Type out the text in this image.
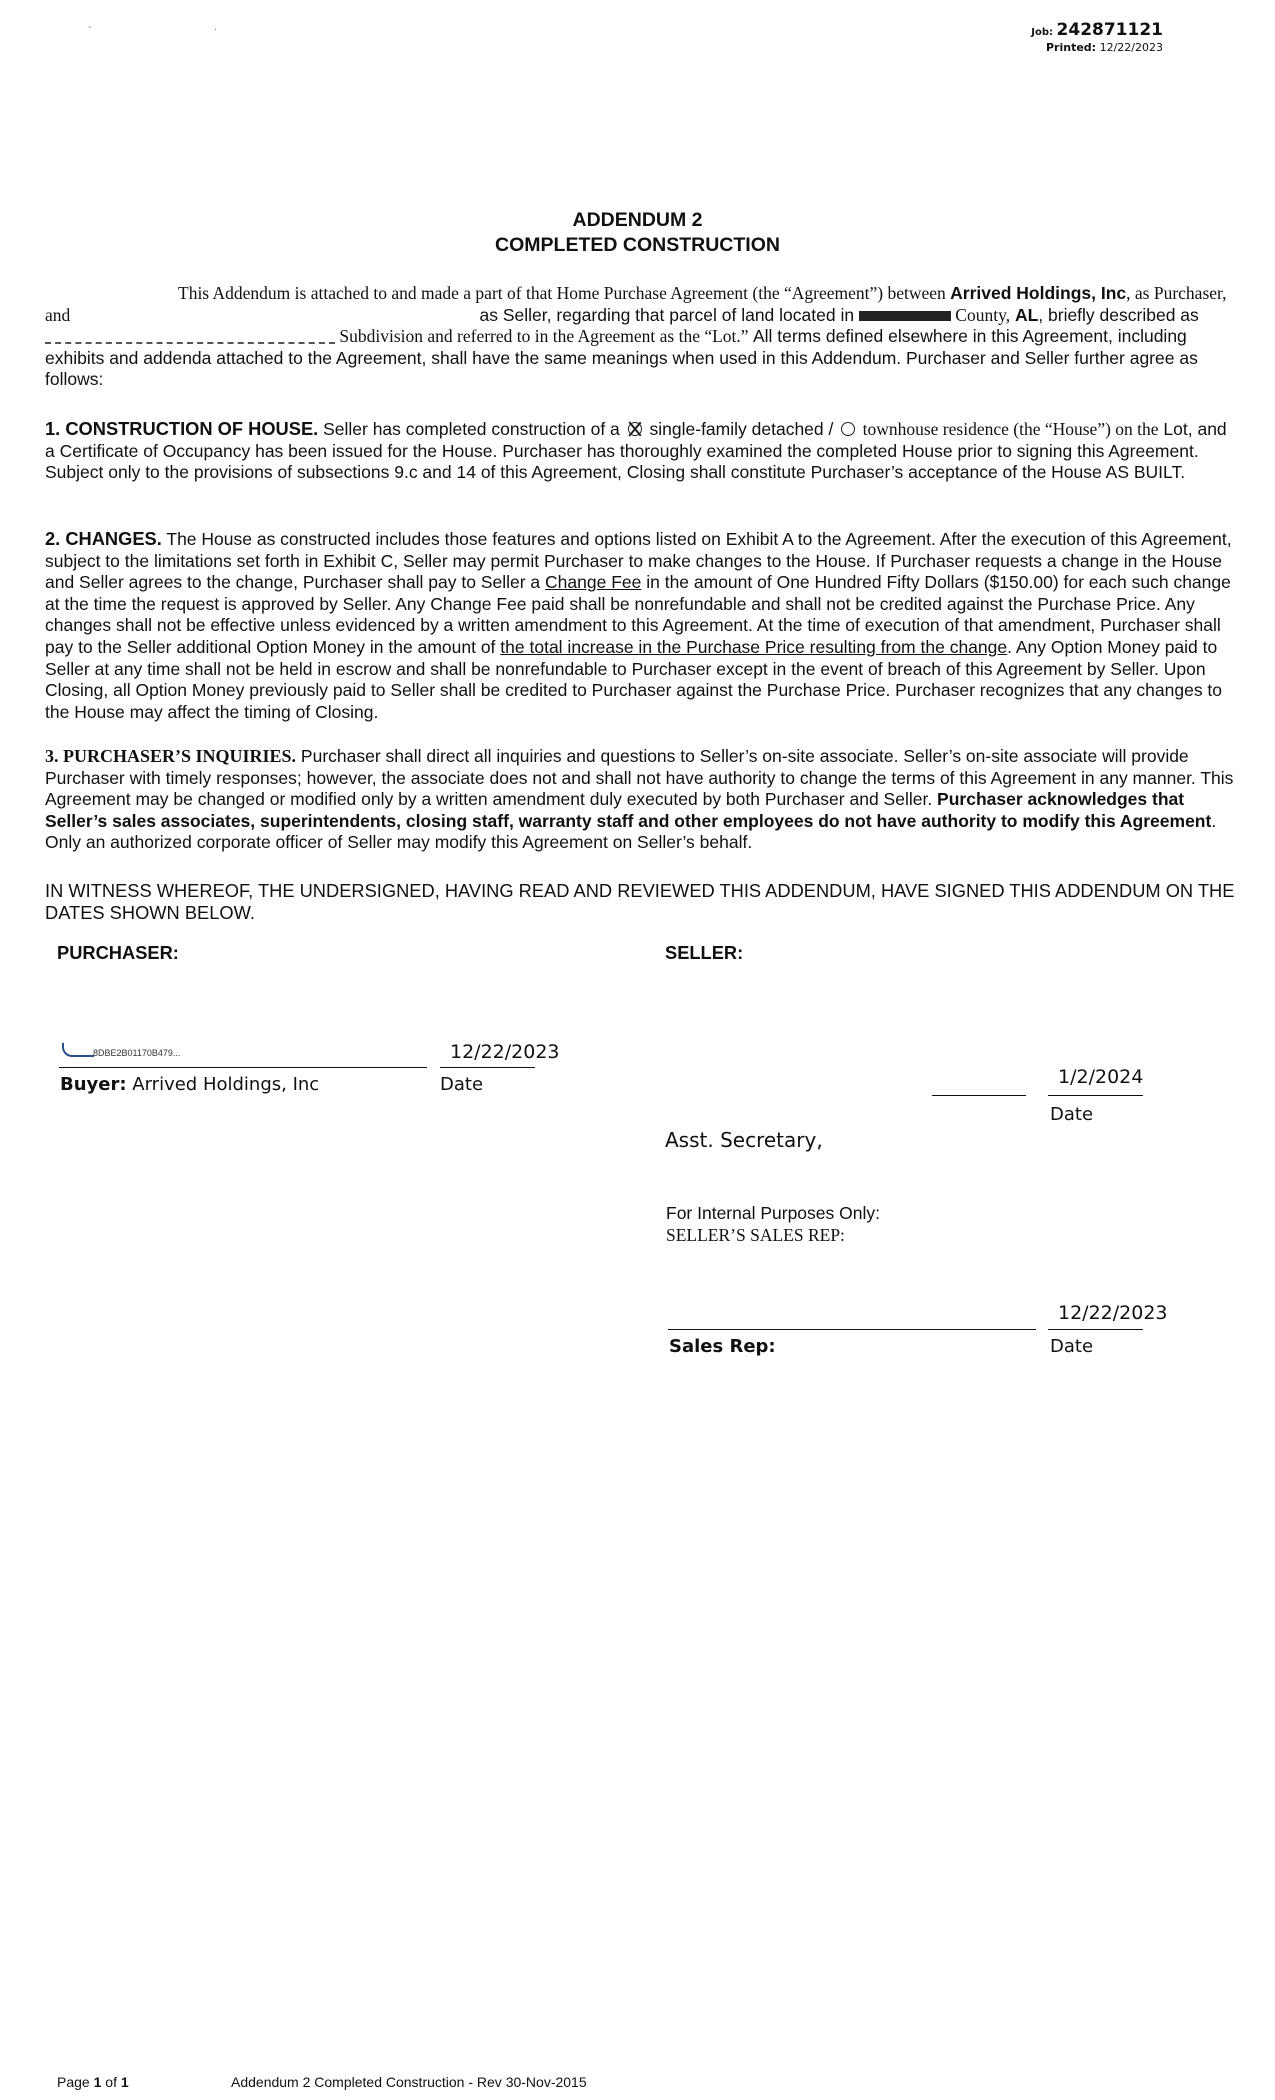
- .	Job: 242871121
Printed: 12/22/2023
ADDENDUM 2
COMPLETED CONSTRUCTION
This Addendum is attached to and made a part of that Home Purchase Agreement (the “Agreement”) between Arrived Holdings, Inc, as Purchaser, and	as Seller, regarding that parcel of land located in	County, AL, briefly described as  Subdivision and referred to in the Agreement as the “Lot.” All terms defined elsewhere in this Agreement, including exhibits and addenda attached to the Agreement, shall have the same meanings when used in this Addendum. Purchaser and Seller further agree as follows:
1. CONSTRUCTION OF HOUSE. Seller has completed construction of a  single-family detached /  townhouse residence (the “House”) on the Lot, and a Certificate of Occupancy has been issued for the House. Purchaser has thoroughly examined the completed House prior to signing this Agreement. Subject only to the provisions of subsections 9.c and 14 of this Agreement, Closing shall constitute Purchaser’s acceptance of the House AS BUILT.
2. CHANGES. The House as constructed includes those features and options listed on Exhibit A to the Agreement. After the execution of this Agreement, subject to the limitations set forth in Exhibit C, Seller may permit Purchaser to make changes to the House. If Purchaser requests a change in the House and Seller agrees to the change, Purchaser shall pay to Seller a Change Fee in the amount of One Hundred Fifty Dollars ($150.00) for each such change at the time the request is approved by Seller. Any Change Fee paid shall be nonrefundable and shall not be credited against the Purchase Price. Any changes shall not be effective unless evidenced by a written amendment to this Agreement. At the time of execution of that amendment, Purchaser shall pay to the Seller additional Option Money in the amount of the total increase in the Purchase Price resulting from the change. Any Option Money paid to Seller at any time shall not be held in escrow and shall be nonrefundable to Purchaser except in the event of breach of this Agreement by Seller. Upon Closing, all Option Money previously paid to Seller shall be credited to Purchaser against the Purchase Price. Purchaser recognizes that any changes to the House may affect the timing of Closing.
3. PURCHASER’S INQUIRIES. Purchaser shall direct all inquiries and questions to Seller’s on-site associate. Seller’s on-site associate will provide Purchaser with timely responses; however, the associate does not and shall not have authority to change the terms of this Agreement in any manner. This Agreement may be changed or modified only by a written amendment duly executed by both Purchaser and Seller. Purchaser acknowledges that Seller’s sales associates, superintendents, closing staff, warranty staff and other employees do not have authority to modify this Agreement. Only an authorized corporate officer of Seller may modify this Agreement on Seller’s behalf.
IN WITNESS WHEREOF, THE UNDERSIGNED, HAVING READ AND REVIEWED THIS ADDENDUM, HAVE SIGNED THIS ADDENDUM ON THE DATES SHOWN BELOW.
PURCHASER:
8DBE2B01170B479...	12/22/2023
Date
Buyer: Arrived Holdings, Inc
SELLER:
1/2/2024
Date
Asst. Secretary,
For Internal Purposes Only:
SELLER’S SALES REP:
12/22/2023
Date
Sales Rep:
Page 1 of 1	Addendum 2 Completed Construction - Rev 30-Nov-2015
